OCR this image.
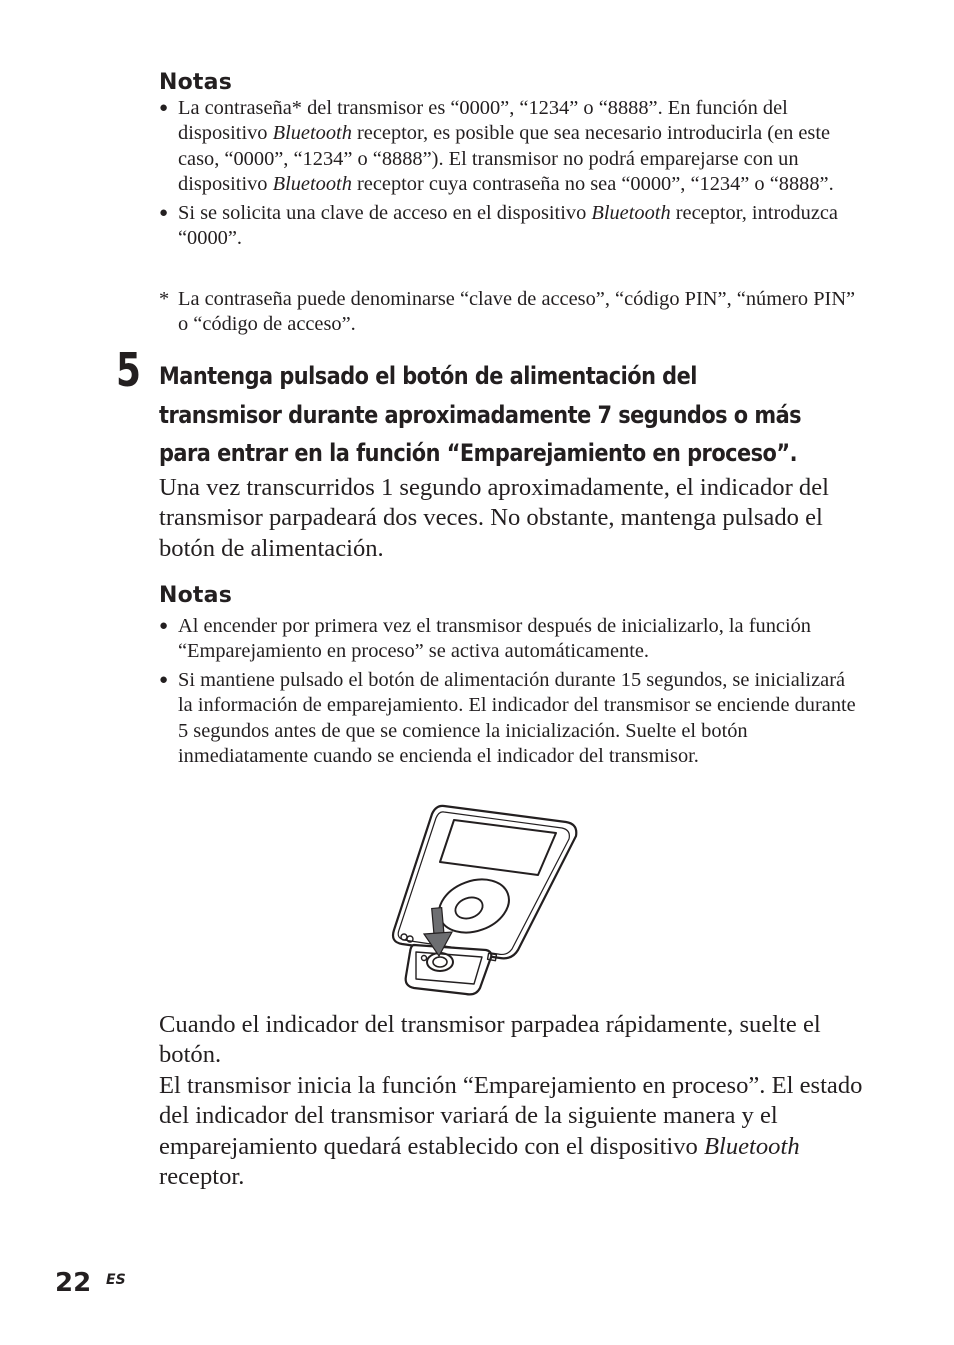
Notas
● La contraseña* del transmisor es “0000”, “1234” o “8888”. En función del dispositivo Bluetooth receptor, es posible que sea necesario introducirla (en este caso, “0000”, “1234” o “8888”). El transmisor no podrá emparejarse con un dispositivo Bluetooth receptor cuya contraseña no sea “0000”, “1234” o “8888”.
● Si se solicita una clave de acceso en el dispositivo Bluetooth receptor, introduzca “0000”.

* La contraseña puede denominarse “clave de acceso”, “código PIN”, “número PIN” o “código de acceso”.

5 Mantenga pulsado el botón de alimentación del transmisor durante aproximadamente 7 segundos o más para entrar en la función “Emparejamiento en proceso”.

Una vez transcurridos 1 segundo aproximadamente, el indicador del transmisor parpadeará dos veces. No obstante, mantenga pulsado el botón de alimentación.

Notas
● Al encender por primera vez el transmisor después de inicializarlo, la función “Emparejamiento en proceso” se activa automáticamente.
● Si mantiene pulsado el botón de alimentación durante 15 segundos, se inicializará la información de emparejamiento. El indicador del transmisor se enciende durante 5 segundos antes de que se comience la inicialización. Suelte el botón inmediatamente cuando se encienda el indicador del transmisor.

Cuando el indicador del transmisor parpadea rápidamente, suelte el botón.

El transmisor inicia la función “Emparejamiento en proceso”. El estado del indicador del transmisor variará de la siguiente manera y el emparejamiento quedará establecido con el dispositivo Bluetooth receptor.

22 ES
